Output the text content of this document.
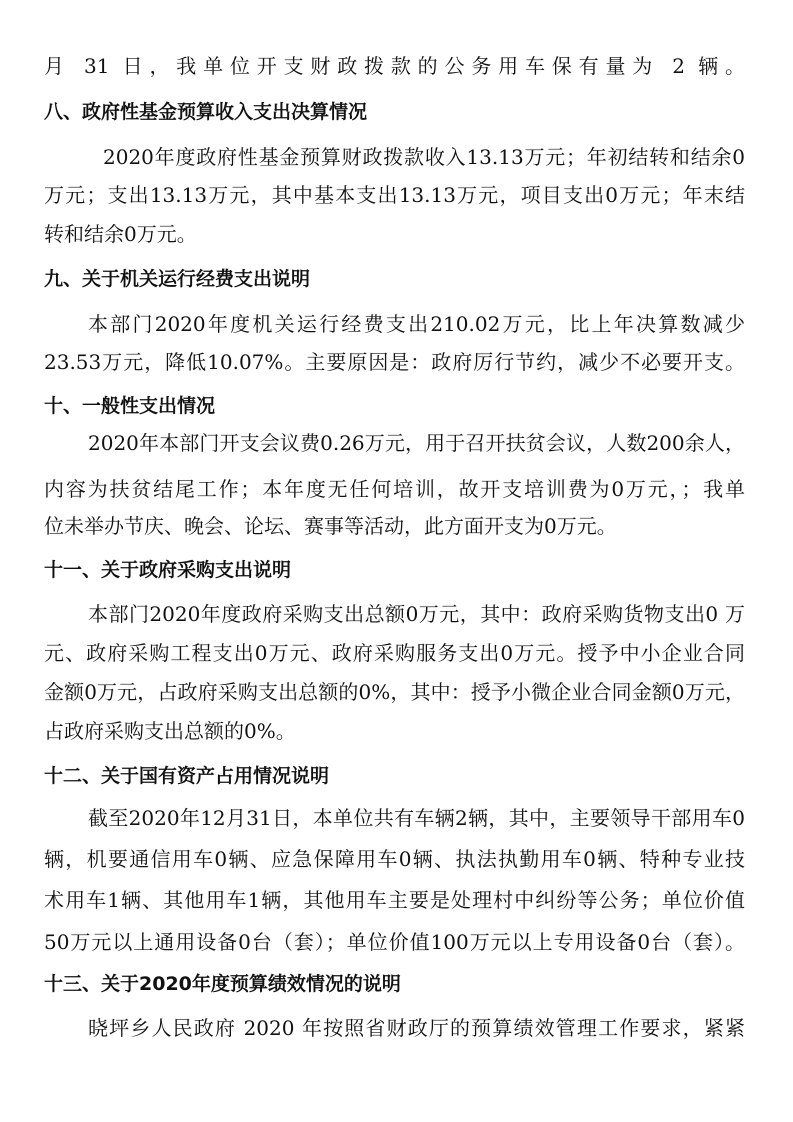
月 31 日，我单位开支财政拨款的公务用车保有量为 2 辆。
八、政府性基金预算收入支出决算情况
2020年度政府性基金预算财政拨款收入13.13万元；年初结转和结余0
万元；支出13.13万元，其中基本支出13.13万元，项目支出0万元；年末结
转和结余0万元。
九、关于机关运行经费支出说明
本部门2020年度机关运行经费支出210.02万元，比上年决算数减少
23.53万元，降低10.07%。主要原因是：政府厉行节约，减少不必要开支。
十、一般性支出情况
2020年本部门开支会议费0.26万元，用于召开扶贫会议，人数200余人，
内容为扶贫结尾工作；本年度无任何培训，故开支培训费为0万元，；我单
位未举办节庆、晚会、论坛、赛事等活动，此方面开支为0万元。
十一、关于政府采购支出说明
本部门2020年度政府采购支出总额0万元，其中：政府采购货物支出0 万
元、政府采购工程支出0万元、政府采购服务支出0万元。授予中小企业合同
金额0万元，占政府采购支出总额的0%，其中：授予小微企业合同金额0万元，
占政府采购支出总额的0%。
十二、关于国有资产占用情况说明
截至2020年12月31日，本单位共有车辆2辆，其中，主要领导干部用车0
辆，机要通信用车0辆、应急保障用车0辆、执法执勤用车0辆、特种专业技
术用车1辆、其他用车1辆，其他用车主要是处理村中纠纷等公务；单位价值
50万元以上通用设备0台（套）；单位价值100万元以上专用设备0台（套）。
十三、关于2020年度预算绩效情况的说明
晓坪乡人民政府 2020 年按照省财政厅的预算绩效管理工作要求，紧紧
